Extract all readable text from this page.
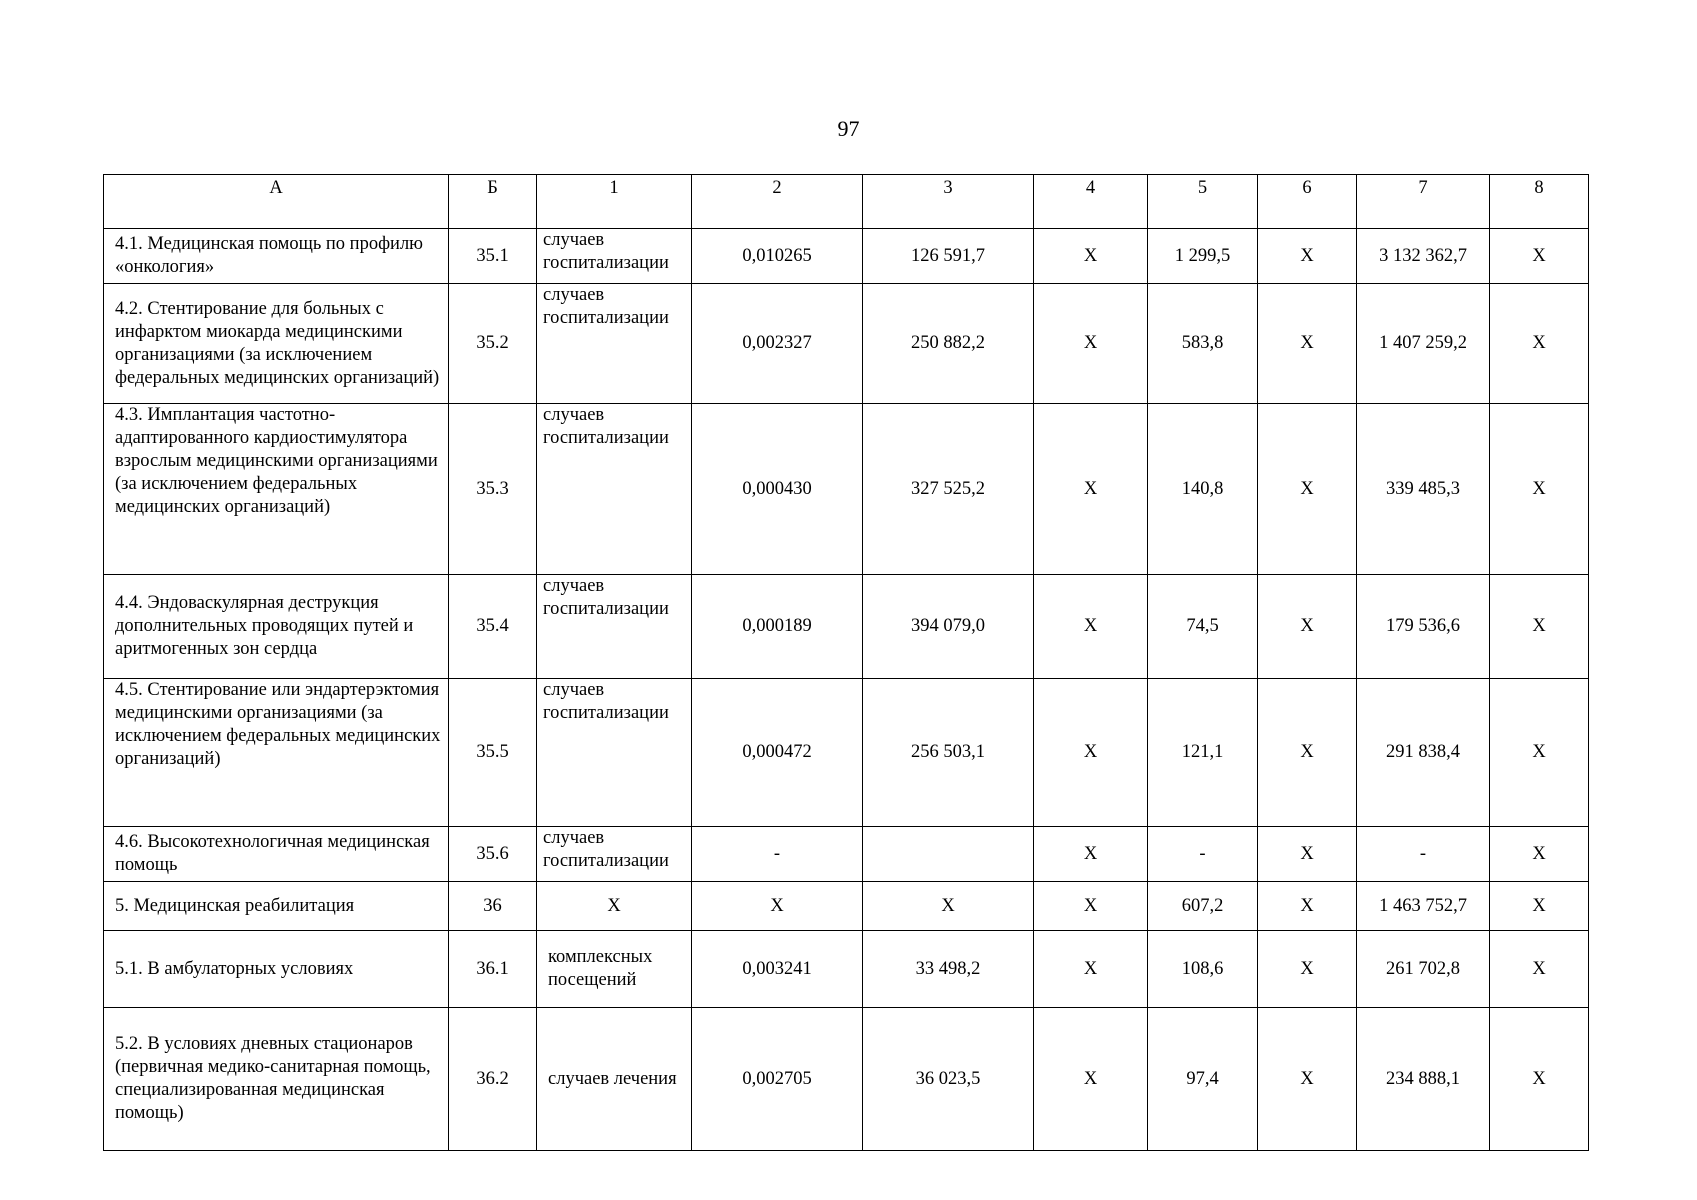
97
А	Б	1	2	3	4	5	6	7	8
4.1. Медицинская помощь по профилю «онкология»	35.1	случаев госпитализации	0,010265	126 591,7	Х	1 299,5	Х	3 132 362,7	Х
4.2. Стентирование для больных с инфарктом миокарда медицинскими организациями (за исключением федеральных медицинских организаций)	35.2	случаев госпитализации	0,002327	250 882,2	Х	583,8	Х	1 407 259,2	Х
4.3. Имплантация частотно-адаптированного кардиостимулятора взрослым медицинскими организациями (за исключением федеральных медицинских организаций)	35.3	случаев госпитализации	0,000430	327 525,2	Х	140,8	Х	339 485,3	Х
4.4. Эндоваскулярная деструкция дополнительных проводящих путей и аритмогенных зон сердца	35.4	случаев госпитализации	0,000189	394 079,0	Х	74,5	Х	179 536,6	Х
4.5. Стентирование или эндартерэктомия медицинскими организациями (за исключением федеральных медицинских организаций)	35.5	случаев госпитализации	0,000472	256 503,1	Х	121,1	Х	291 838,4	Х
4.6. Высокотехнологичная медицинская помощь	35.6	случаев госпитализации	-		Х	-	Х	-	Х
5. Медицинская реабилитация	36	Х	Х	Х	Х	607,2	Х	1 463 752,7	Х
5.1. В амбулаторных условиях	36.1	комплексных посещений	0,003241	33 498,2	Х	108,6	Х	261 702,8	Х
5.2. В условиях дневных стационаров (первичная медико-санитарная помощь, специализированная медицинская помощь)	36.2	случаев лечения	0,002705	36 023,5	Х	97,4	Х	234 888,1	Х
